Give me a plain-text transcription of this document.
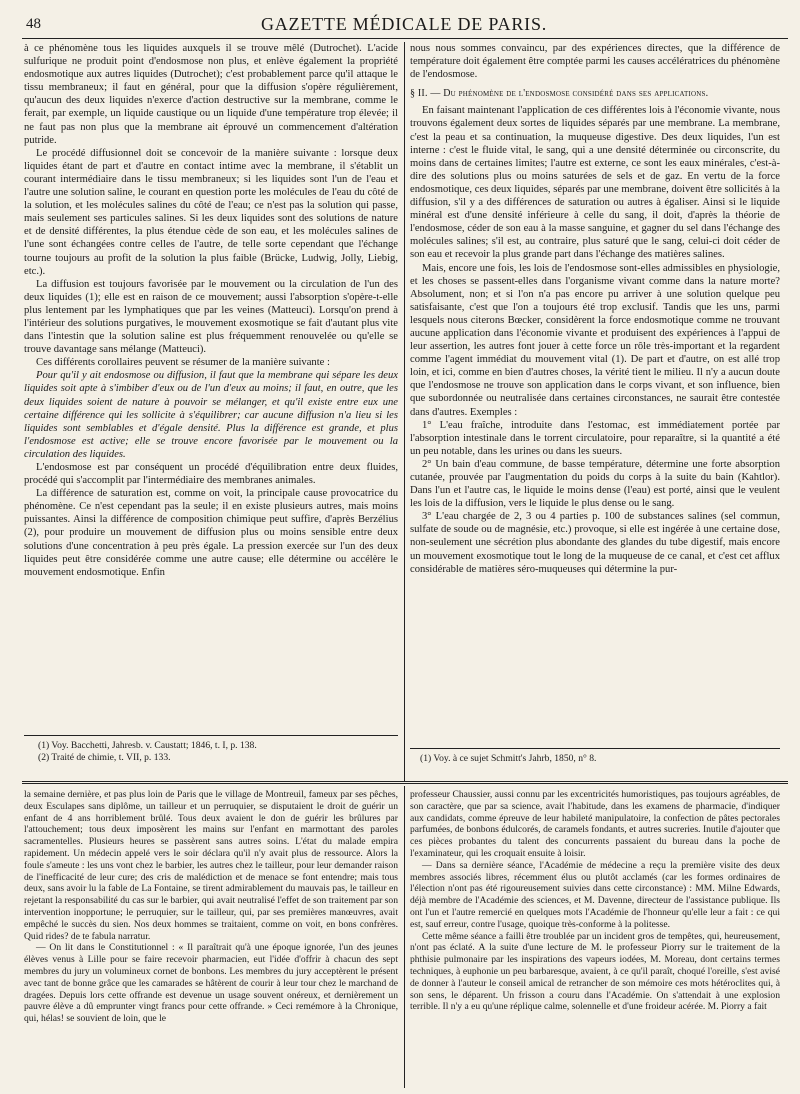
48	GAZETTE MÉDICALE DE PARIS.

à ce phénomène tous les liquides auxquels il se trouve mêlé (Dutrochet). L'acide sulfurique ne produit point d'endosmose non plus, et enlève également la propriété endosmotique aux autres liquides (Dutrochet); c'est probablement parce qu'il attaque le tissu membraneux; il faut en général, pour que la diffusion s'opère régulièrement, qu'aucun des deux liquides n'exerce d'action destructive sur la membrane, comme le ferait, par exemple, un liquide caustique ou un liquide d'une température trop élevée; il ne faut pas non plus que la membrane ait éprouvé un commencement d'altération putride.

Le procédé diffusionnel doit se concevoir de la manière suivante : lorsque deux liquides étant de part et d'autre en contact intime avec la membrane, il s'établit un courant intermédiaire dans le tissu membraneux; si les liquides sont l'un de l'eau et l'autre une solution saline, le courant en question porte les molécules de l'eau du côté de la solution, et les molécules salines du côté de l'eau; ce n'est pas la solution qui passe, mais seulement ses particules salines. Si les deux liquides sont des solutions de nature et de densité différentes, la plus étendue cède de son eau, et les molécules salines de l'une sont échangées contre celles de l'autre, de telle sorte cependant que l'échange tourne toujours au profit de la solution la plus faible (Brücke, Ludwig, Jolly, Liebig, etc.).

La diffusion est toujours favorisée par le mouvement ou la circulation de l'un des deux liquides (1); elle est en raison de ce mouvement; aussi l'absorption s'opère-t-elle plus lentement par les lymphatiques que par les veines (Matteuci). Lorsqu'on prend à l'intérieur des solutions purgatives, le mouvement exosmotique se fait d'autant plus vite dans l'intestin que la solution saline est plus fréquemment renouvelée ou qu'elle se trouve davantage sans mélange (Matteuci).

Ces différents corollaires peuvent se résumer de la manière suivante :

Pour qu'il y ait endosmose ou diffusion, il faut que la membrane qui sépare les deux liquides soit apte à s'imbiber d'eux ou de l'un d'eux au moins; il faut, en outre, que les deux liquides soient de nature à pouvoir se mélanger, et qu'il existe entre eux une certaine différence qui les sollicite à s'équilibrer; car aucune diffusion n'a lieu si les liquides sont semblables et d'égale densité. Plus la différence est grande, et plus l'endosmose est active; elle se trouve encore favorisée par le mouvement ou la circulation des liquides.

L'endosmose est par conséquent un procédé d'équilibration entre deux fluides, procédé qui s'accomplit par l'intermédiaire des membranes animales.

La différence de saturation est, comme on voit, la principale cause provocatrice du phénomène. Ce n'est cependant pas la seule; il en existe plusieurs autres, mais moins puissantes. Ainsi la différence de composition chimique peut suffire, d'après Berzélius (2), pour produire un mouvement de diffusion plus ou moins sensible entre deux solutions d'une concentration à peu près égale. La pression exercée sur l'un des deux liquides peut être considérée comme une autre cause; elle détermine ou accélère le mouvement endosmotique. Enfin

nous nous sommes convaincu, par des expériences directes, que la différence de température doit également être comptée parmi les causes accélératrices du phénomène de l'endosmose.

§ II. — Du phénomène de l'endosmose considéré dans ses applications.

En faisant maintenant l'application de ces différentes lois à l'économie vivante, nous trouvons également deux sortes de liquides séparés par une membrane. La membrane, c'est la peau et sa continuation, la muqueuse digestive. Des deux liquides, l'un est interne : c'est le fluide vital, le sang, qui a une densité déterminée ou circonscrite, du moins dans de certaines limites; l'autre est externe, ce sont les eaux minérales, c'est-à-dire des solutions plus ou moins saturées de sels et de gaz. En vertu de la force endosmotique, ces deux liquides, séparés par une membrane, doivent être sollicités à la diffusion, s'il y a des différences de saturation ou autres à égaliser. Ainsi si le liquide minéral est d'une densité inférieure à celle du sang, il doit, d'après la théorie de l'endosmose, céder de son eau à la masse sanguine, et gagner du sel dans l'échange des molécules salines; s'il est, au contraire, plus saturé que le sang, celui-ci doit céder de son eau et recevoir la plus grande part dans l'échange des matières salines.

Mais, encore une fois, les lois de l'endosmose sont-elles admissibles en physiologie, et les choses se passent-elles dans l'organisme vivant comme dans la nature morte? Absolument, non; et si l'on n'a pas encore pu arriver à une solution quelque peu satisfaisante, c'est que l'on a toujours été trop exclusif. Tandis que les uns, parmi lesquels nous citerons Bœcker, considèrent la force endosmotique comme ne trouvant aucune application dans l'économie vivante et produisent des expériences à l'appui de leur assertion, les autres font jouer à cette force un rôle très-important et la regardent comme l'agent immédiat du mouvement vital (1). De part et d'autre, on est allé trop loin, et ici, comme en bien d'autres choses, la vérité tient le milieu. Il n'y a aucun doute que l'endosmose ne trouve son application dans le corps vivant, et son influence, bien que subordonnée ou neutralisée dans certaines circonstances, ne saurait être contestée dans d'autres. Exemples :

1° L'eau fraîche, introduite dans l'estomac, est immédiatement portée par l'absorption intestinale dans le torrent circulatoire, pour reparaître, si la quantité a été un peu notable, dans les urines ou dans les sueurs.

2° Un bain d'eau commune, de basse température, détermine une forte absorption cutanée, prouvée par l'augmentation du poids du corps à la suite du bain (Kahtlor). Dans l'un et l'autre cas, le liquide le moins dense (l'eau) est porté, ainsi que le veulent les lois de la diffusion, vers le liquide le plus dense ou le sang.

3° L'eau chargée de 2, 3 ou 4 parties p. 100 de substances salines (sel commun, sulfate de soude ou de magnésie, etc.) provoque, si elle est ingérée à une certaine dose, non-seulement une sécrétion plus abondante des glandes du tube digestif, mais encore un mouvement exosmotique tout le long de la muqueuse de ce canal, et c'est cet afflux considérable de matières séro-muqueuses qui détermine la pur-

(1) Voy. Bacchetti, Jahresb. v. Caustatt; 1846, t. I, p. 138.
(2) Traité de chimie, t. VII, p. 133.	(1) Voy. à ce sujet Schmitt's Jahrb, 1850, n° 8.

la semaine dernière, et pas plus loin de Paris que le village de Montreuil, fameux par ses pêches, deux Esculapes sans diplôme, un tailleur et un perruquier, se disputaient le droit de guérir un enfant de 4 ans horriblement brûlé. Tous deux avaient le don de guérir les brûlures par l'attouchement; tous deux imposèrent les mains sur l'enfant en marmottant des paroles sacramentelles. Plusieurs heures se passèrent sans autres soins. L'état du malade empira rapidement. Un médecin appelé vers le soir déclara qu'il n'y avait plus de ressource. Alors la foule s'ameute : les uns vont chez le barbier, les autres chez le tailleur, pour leur demander raison de l'inefficacité de leur cure; des cris de malédiction et de menace se font entendre; mais tous deux, sans avoir lu la fable de La Fontaine, se tirent admirablement du mauvais pas, le tailleur en rejetant la responsabilité du cas sur le barbier, qui avait neutralisé l'effet de son traitement par son intervention inopportune; le perruquier, sur le tailleur, qui, par ses premières manœuvres, avait empêché le succès du sien. Nos deux hommes se traitaient, comme on voit, en bons confrères. Quid rides? de te fabula narratur.

— On lit dans le Constitutionnel : « Il paraîtrait qu'à une époque ignorée, l'un des jeunes élèves venus à Lille pour se faire recevoir pharmacien, eut l'idée d'offrir à chacun des sept membres du jury un volumineux cornet de bonbons. Les membres du jury acceptèrent le présent avec tant de bonne grâce que les camarades se hâtèrent de courir à leur tour chez le marchand de dragées. Depuis lors cette offrande est devenue un usage souvent onéreux, et dernièrement un pauvre élève a dû emprunter vingt francs pour cette offrande. » Ceci remémore à la Chronique, qui, hélas! se souvient de loin, que le

professeur Chaussier, aussi connu par les excentricités humoristiques, pas toujours agréables, de son caractère, que par sa science, avait l'habitude, dans les examens de pharmacie, d'indiquer aux candidats, comme épreuve de leur habileté manipulatoire, la confection de pâtes pectorales parfumées, de bonbons édulcorés, de caramels fondants, et autres sucreries. Inutile d'ajouter que ces pièces probantes du talent des concurrents passaient du bureau dans la poche de l'examinateur, qui les croquait ensuite à loisir.

— Dans sa dernière séance, l'Académie de médecine a reçu la première visite des deux membres associés libres, récemment élus ou plutôt acclamés (car les formes ordinaires de l'élection n'ont pas été rigoureusement suivies dans cette circonstance) : MM. Milne Edwards, déjà membre de l'Académie des sciences, et M. Davenne, directeur de l'assistance publique. Ils ont l'un et l'autre remercié en quelques mots l'Académie de l'honneur qu'elle leur a fait : ce qui est, sauf erreur, contre l'usage, quoique très-conforme à la politesse.

Cette même séance a failli être troublée par un incident gros de tempêtes, qui, heureusement, n'ont pas éclaté. A la suite d'une lecture de M. le professeur Piorry sur le traitement de la phthisie pulmonaire par les inspirations des vapeurs iodées, M. Moreau, dont certains termes techniques, à euphonie un peu barbaresque, avaient, à ce qu'il paraît, choqué l'oreille, s'est avisé de donner à l'auteur le conseil amical de retrancher de son mémoire ces mots hétéroclites qui, à son sens, le déparent. Un frisson a couru dans l'Académie. On s'attendait à une explosion terrible. Il n'y a eu qu'une réplique calme, solennelle et d'une froideur acérée. M. Piorry a fait
